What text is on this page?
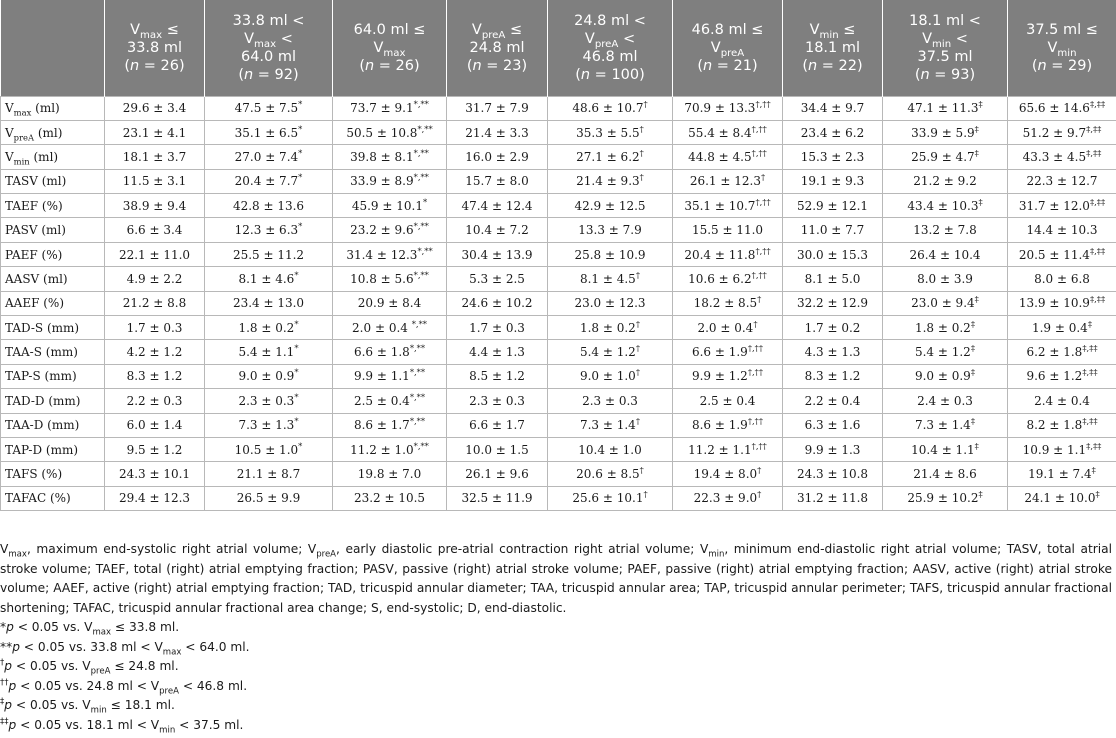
	$V_{max}$ ≤
33.8 ml
(n = 26)	33.8 ml <
$V_{max}$ <
64.0 ml
(n = 92)	64.0 ml ≤
$V_{max}$
(n = 26)	$V_{preA}$ ≤
24.8 ml
(n = 23)	24.8 ml <
$V_{preA}$ <
46.8 ml
(n = 100)	46.8 ml ≤
$V_{preA}$
(n = 21)	$V_{min}$ ≤
18.1 ml
(n = 22)	18.1 ml <
$V_{min}$ <
37.5 ml
(n = 93)	37.5 ml ≤
$V_{min}$
(n = 29)

$V_{max}$ (ml)	29.6 ± 3.4	47.5 ± 7.5*	73.7 ± 9.1*,**	31.7 ± 7.9	48.6 ± 10.7†	70.9 ± 13.3†,††	34.4 ± 9.7	47.1 ± 11.3‡	65.6 ± 14.6‡,‡‡
$V_{preA}$ (ml)	23.1 ± 4.1	35.1 ± 6.5*	50.5 ± 10.8*,**	21.4 ± 3.3	35.3 ± 5.5†	55.4 ± 8.4†,††	23.4 ± 6.2	33.9 ± 5.9‡	51.2 ± 9.7‡,‡‡
$V_{min}$ (ml)	18.1 ± 3.7	27.0 ± 7.4*	39.8 ± 8.1*,**	16.0 ± 2.9	27.1 ± 6.2†	44.8 ± 4.5†,††	15.3 ± 2.3	25.9 ± 4.7‡	43.3 ± 4.5‡,‡‡
TASV (ml)	11.5 ± 3.1	20.4 ± 7.7*	33.9 ± 8.9*,**	15.7 ± 8.0	21.4 ± 9.3†	26.1 ± 12.3†	19.1 ± 9.3	21.2 ± 9.2	22.3 ± 12.7
TAEF (%)	38.9 ± 9.4	42.8 ± 13.6	45.9 ± 10.1*	47.4 ± 12.4	42.9 ± 12.5	35.1 ± 10.7†,††	52.9 ± 12.1	43.4 ± 10.3‡	31.7 ± 12.0‡,‡‡
PASV (ml)	6.6 ± 3.4	12.3 ± 6.3*	23.2 ± 9.6*,**	10.4 ± 7.2	13.3 ± 7.9	15.5 ± 11.0	11.0 ± 7.7	13.2 ± 7.8	14.4 ± 10.3
PAEF (%)	22.1 ± 11.0	25.5 ± 11.2	31.4 ± 12.3*,**	30.4 ± 13.9	25.8 ± 10.9	20.4 ± 11.8†,††	30.0 ± 15.3	26.4 ± 10.4	20.5 ± 11.4‡,‡‡
AASV (ml)	4.9 ± 2.2	8.1 ± 4.6*	10.8 ± 5.6*,**	5.3 ± 2.5	8.1 ± 4.5†	10.6 ± 6.2†,††	8.1 ± 5.0	8.0 ± 3.9	8.0 ± 6.8
AAEF (%)	21.2 ± 8.8	23.4 ± 13.0	20.9 ± 8.4	24.6 ± 10.2	23.0 ± 12.3	18.2 ± 8.5†	32.2 ± 12.9	23.0 ± 9.4‡	13.9 ± 10.9‡,‡‡
TAD-S (mm)	1.7 ± 0.3	1.8 ± 0.2*	2.0 ± 0.4 *,**	1.7 ± 0.3	1.8 ± 0.2†	2.0 ± 0.4†	1.7 ± 0.2	1.8 ± 0.2‡	1.9 ± 0.4‡
TAA-S (mm)	4.2 ± 1.2	5.4 ± 1.1*	6.6 ± 1.8*,**	4.4 ± 1.3	5.4 ± 1.2†	6.6 ± 1.9†,††	4.3 ± 1.3	5.4 ± 1.2‡	6.2 ± 1.8‡,‡‡
TAP-S (mm)	8.3 ± 1.2	9.0 ± 0.9*	9.9 ± 1.1*,**	8.5 ± 1.2	9.0 ± 1.0†	9.9 ± 1.2†,††	8.3 ± 1.2	9.0 ± 0.9‡	9.6 ± 1.2‡,‡‡
TAD-D (mm)	2.2 ± 0.3	2.3 ± 0.3*	2.5 ± 0.4*,**	2.3 ± 0.3	2.3 ± 0.3	2.5 ± 0.4	2.2 ± 0.4	2.4 ± 0.3	2.4 ± 0.4
TAA-D (mm)	6.0 ± 1.4	7.3 ± 1.3*	8.6 ± 1.7*,**	6.6 ± 1.7	7.3 ± 1.4†	8.6 ± 1.9†,††	6.3 ± 1.6	7.3 ± 1.4‡	8.2 ± 1.8‡,‡‡
TAP-D (mm)	9.5 ± 1.2	10.5 ± 1.0*	11.2 ± 1.0*,**	10.0 ± 1.5	10.4 ± 1.0	11.2 ± 1.1†,††	9.9 ± 1.3	10.4 ± 1.1‡	10.9 ± 1.1‡,‡‡
TAFS (%)	24.3 ± 10.1	21.1 ± 8.7	19.8 ± 7.0	26.1 ± 9.6	20.6 ± 8.5†	19.4 ± 8.0†	24.3 ± 10.8	21.4 ± 8.6	19.1 ± 7.4‡
TAFAC (%)	29.4 ± 12.3	26.5 ± 9.9	23.2 ± 10.5	32.5 ± 11.9	25.6 ± 10.1†	22.3 ± 9.0†	31.2 ± 11.8	25.9 ± 10.2‡	24.1 ± 10.0‡

$V_{max}$, maximum end-systolic right atrial volume; $V_{preA}$, early diastolic pre-atrial contraction right atrial volume; $V_{min}$, minimum end-diastolic right atrial volume; TASV, total atrial stroke volume; TAEF, total (right) atrial emptying fraction; PASV, passive (right) atrial stroke volume; PAEF, passive (right) atrial emptying fraction; AASV, active (right) atrial stroke volume; AAEF, active (right) atrial emptying fraction; TAD, tricuspid annular diameter; TAA, tricuspid annular area; TAP, tricuspid annular perimeter; TAFS, tricuspid annular fractional shortening; TAFAC, tricuspid annular fractional area change; S, end-systolic; D, end-diastolic.

*p < 0.05 vs. $V_{max} \le 33.8$ ml.

**p < 0.05 vs. 33.8 ml < $V_{max} < 64.0$ ml.

†p < 0.05 vs. $V_{preA} \le 24.8$ ml.

††p < 0.05 vs. 24.8 ml < $V_{preA} < 46.8$ ml.

‡p < 0.05 vs. $V_{min} \le 18.1$ ml.

‡‡p < 0.05 vs. 18.1 ml < $V_{min} < 37.5$ ml.
